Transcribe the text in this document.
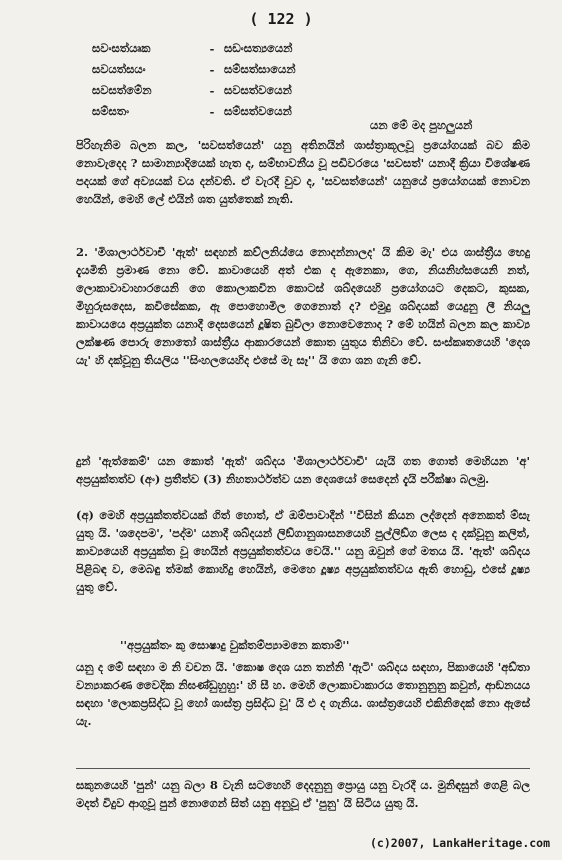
( 122 )
සවංසත්යෘක	- සඩංසත්‍යයෙන්
සවයත්සයං	- සම්සත්සායෙන්
සවසත්මේන	- සවසත්වයෙන්
සම්සතං	- සම්සත්වයෙන්
යන මේ මද පුහලුයන්
පිරිහැනිම බලන කල, 'සවසත්යෙන්' යනු අතිනයින් ශාස්ත්‍රාකූලවූ ප්‍රයෝගයක් බව කිම නොවැදෙද ? සාමාන්‍යාදියෙක් හැත ද, සම්භාවනීය වූ පඩිවරයෙ 'සවසත්' යනාදී ක්‍රියා විශේෂණ පදයක් ගේ අව්‍යයක් වය දන්වති. ඒ වැරදී වුව ද, 'සවසත්යෙන්' යනුයේ ප්‍රයෝගයක් නොවන හෙයින්, මෙහි ලේ එයින් ශත යුත්තෙක් නැති.
2. 'මිශාලාර්ථවාචී 'ඇත්' සඳහන් කව්ලනිය්යෙ නොදන්නාලද' යි කිම මැ' එය ශාස්ත්‍රීය භෙදු දැයමිති ප්‍රමාණ නො වේ. කාවායෙහි අත් එක ද ඇනෙකා, ගෙ, නියනිහ්සයෙනි නත්, ලොකාවාවාහාරයෙනි ගෙ කොලාකවින කොටස් ශබ්දයෙහි ප්‍රයෝගයට දෙකට, කුසක, මිහුරුසදෙස, කවිසේකක, ඇ පොහොමිල ගෙනොත් ද? එමුදු ශබ්දයක් යෙදුනු ලී නියලු කාවායයෙ අප්‍රයුක්ත යනාදී දෙසයෙන් දූෂිත බුවිලා නොවෙනොද ? මේ හයින් බලන කල කාව්‍ය ලක්ෂණ පොරු නොතෝ ශාස්ත්‍රීය ආකාරයෙන් කොත යුතුය තිනිවා වේ. සංස්කෘතයෙහි 'දෙශ යැ' හි දක්වූනු තියලිය ''සිංහලයෙහිද එසේ මැ සෑ'' යි ගො ශන ගැනි වේ.
දුන් 'ඇත්කෙම්' යන කොත් 'ඇත්' ශබ්දය 'මිශාලාර්ථවාචී' යැයි ගත ගොත් මෙහියන 'අ' අප්‍රයුක්තත්ව (අං) ප්‍රතීත්ව (3) නිහතාර්ථත්ව යන දෙශයෝ සෙදෙන් දැයි පරීක්ෂා බලමු.
(අ) මෙහි අප්‍රයුක්තත්වයක් ගිත් හොත්, ඒ ඔම්පාවාදීන් ''විසින් කියන ලද්දෙන් අනෙකත් ම්සැ යුතු යි. 'ශදෙපම', 'පද්ම' යනාදී ශබ්දයන් ලිඞ්ගානුශාසනයෙහි පුල්ලිඞ්ග ලෙස ද දක්වූනු කලිත්, කාව්‍යයෙහි අප්‍රයුක්ත වූ හෙයින් අප්‍රයුක්තත්වය වෙයි.'' යනු ඔවුන් ගේ මතය යි. 'ඇත්' ශබ්දය පිළිබඳ ව, මෙබඳු ත්මක් කොහිදු හෙයින්, මෙහෙ දූෂ්‍ය අප්‍රයුක්තත්වය ඇති හොඩු, එසේ දූෂ්‍ය යුතු වේ.
''අප්‍රයුක්තං කු සොෂාදු වුක්තම්ප්‍යාමනෙ කතාම්''
යනු ද මේ සඳහා ම නි වචන යි. 'කොෂ දෙශ යන තන්නි 'ඇටි' ශබ්දය සඳහා, පිකායෙහි 'අඩ්තා වන්‍යාකරණ වෛදික නිඝණ්ඩුහුහු:' හි සී හ. මෙහි ලොකාවාකාරය තොනුනුනු කවුන්, ආඞනයය සඳහා 'ලොකප්‍රසිද්ධ වූ හෝ ශාස්ත්‍ර ප්‍රසිද්ධ වූ' යි එ ද ගැනිය. ශාස්ත්‍රයෙහි එකිනිදෙක් නො ඇසේ යැ.
සකුනයෙහි 'පුන්' යනු බලා 8 වැනි සටහෙහි දෙදනුනු ප්‍රොයු යනු වැරදී ය. මුනිඳසුන් ගෙළි බල මදත් විදුව ආගුවූ පුන් නොගෙන් සිත් යනු අනුවූ ඒ 'පුනු' යි සිටිය යුතු යි.
(c)2007, LankaHeritage.com
